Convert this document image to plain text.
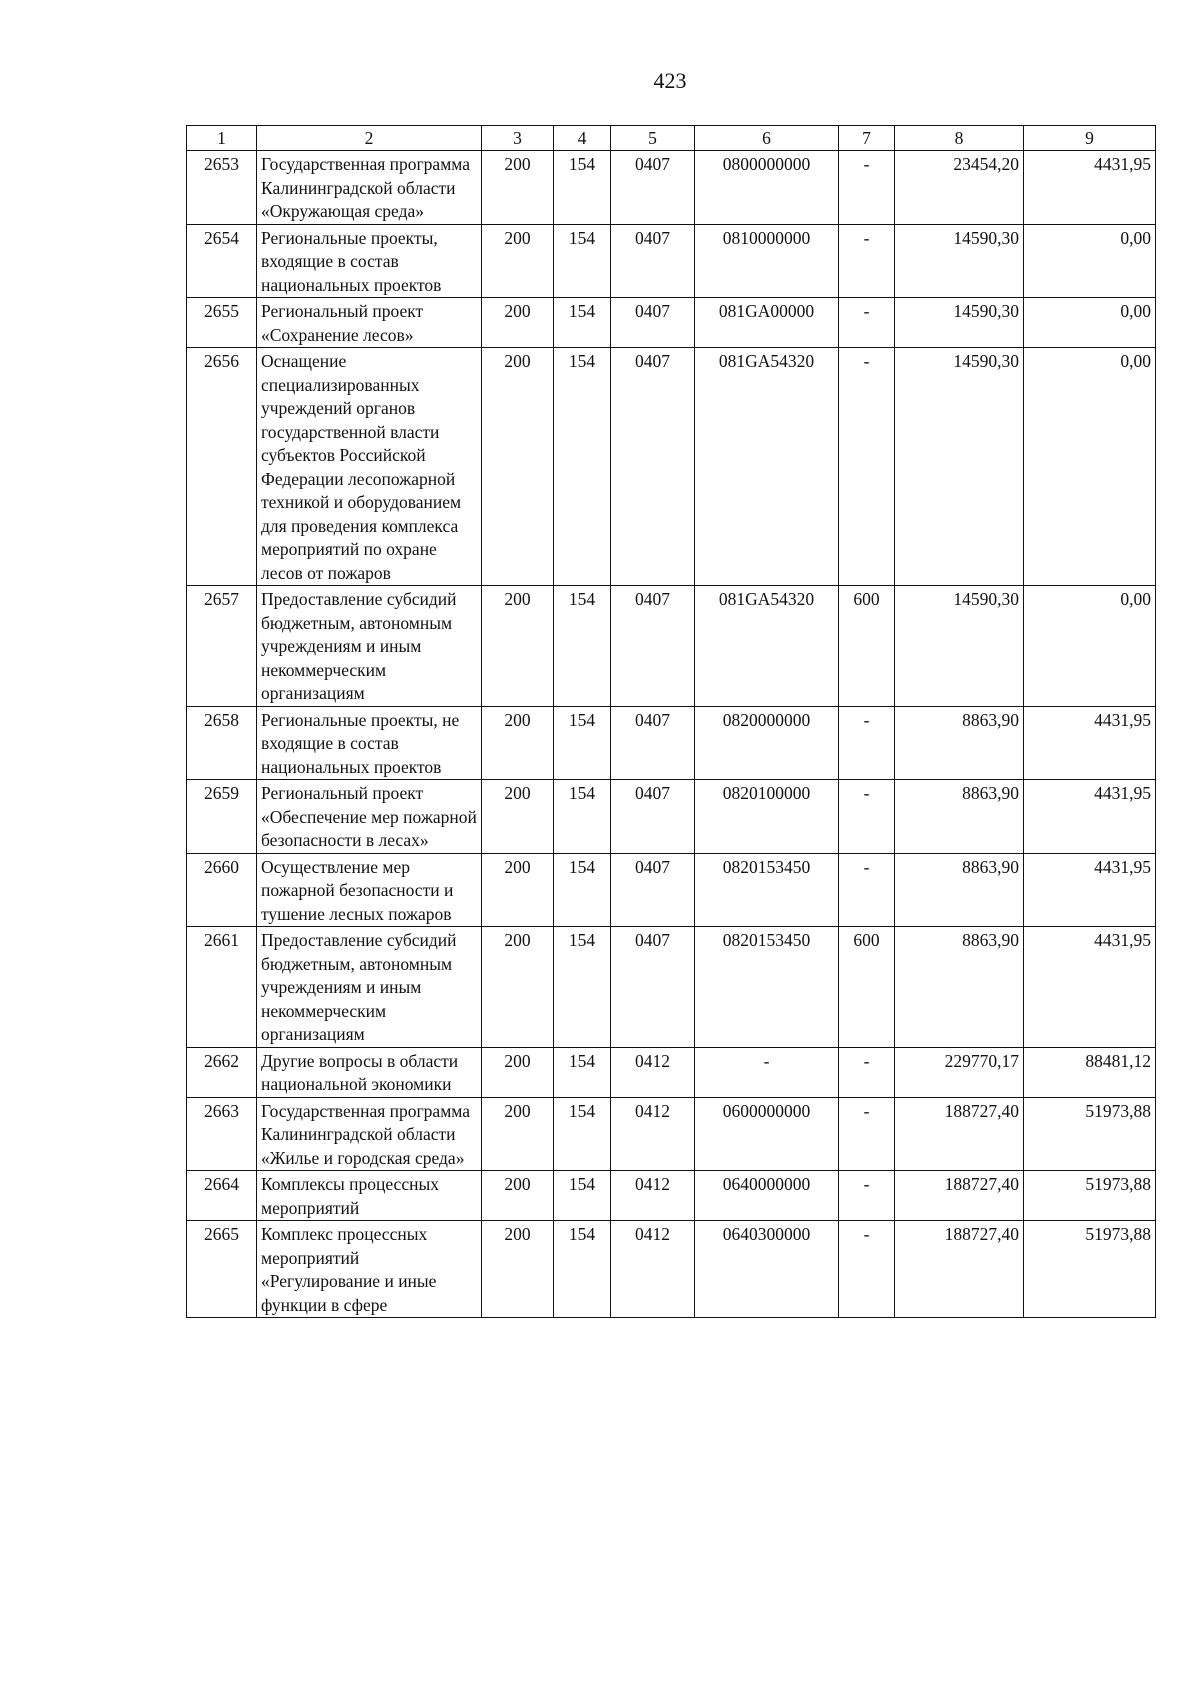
423
1	2	3	4	5	6	7	8	9
2653	Государственная программа Калининградской области «Окружающая среда»	200	154	0407	0800000000	-	23454,20	4431,95
2654	Региональные проекты, входящие в состав национальных проектов	200	154	0407	0810000000	-	14590,30	0,00
2655	Региональный проект «Сохранение лесов»	200	154	0407	081GA00000	-	14590,30	0,00
2656	Оснащение специализированных учреждений органов государственной власти субъектов Российской Федерации лесопожарной техникой и оборудованием для проведения комплекса мероприятий по охране лесов от пожаров	200	154	0407	081GA54320	-	14590,30	0,00
2657	Предоставление субсидий бюджетным, автономным учреждениям и иным некоммерческим организациям	200	154	0407	081GA54320	600	14590,30	0,00
2658	Региональные проекты, не входящие в состав национальных проектов	200	154	0407	0820000000	-	8863,90	4431,95
2659	Региональный проект «Обеспечение мер пожарной безопасности в лесах»	200	154	0407	0820100000	-	8863,90	4431,95
2660	Осуществление мер пожарной безопасности и тушение лесных пожаров	200	154	0407	0820153450	-	8863,90	4431,95
2661	Предоставление субсидий бюджетным, автономным учреждениям и иным некоммерческим организациям	200	154	0407	0820153450	600	8863,90	4431,95
2662	Другие вопросы в области национальной экономики	200	154	0412	-	-	229770,17	88481,12
2663	Государственная программа Калининградской области «Жилье и городская среда»	200	154	0412	0600000000	-	188727,40	51973,88
2664	Комплексы процессных мероприятий	200	154	0412	0640000000	-	188727,40	51973,88
2665	Комплекс процессных мероприятий «Регулирование и иные функции в сфере	200	154	0412	0640300000	-	188727,40	51973,88
